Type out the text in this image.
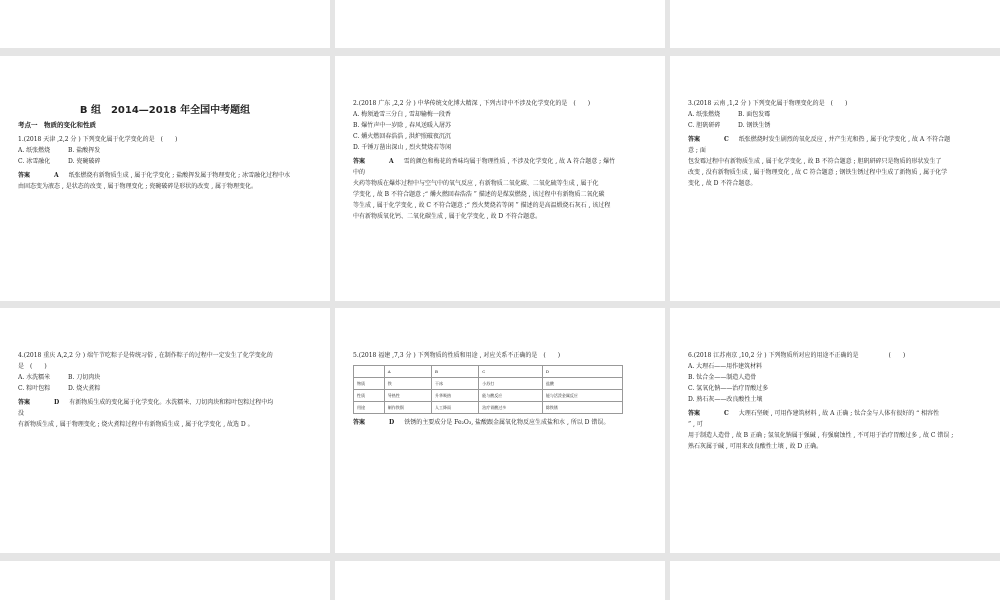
B 组　2014—2018 年全国中考题组
考点一　物质的变化和性质
1.(2018 天津 ,2,2 分 ) 下列变化属于化学变化的是　(　　)
A. 纸张燃烧	B. 盐酸挥发
C. 冰雪融化	D. 瓷碗破碎
答案	A 纸张燃烧有新物质生成 , 属于化学变化 ; 盐酸挥发属于物理变化 ; 冰雪融化过程中水
由固态变为液态 , 是状态的改变 , 属于物理变化 ; 瓷碗破碎是形状的改变 , 属于物理变化。
2.(2018 广东 ,2,2 分 ) 中华传统文化博大精深 , 下列古诗中不涉及化学变化的是　(　　)
A. 梅须逊雪三分白 , 雪却输梅一段香
B. 爆竹声中一岁除 , 春风送暖入屠苏
C. 爝火燃回春浩浩 , 洪炉照破夜沉沉
D. 千锤万凿出深山 , 烈火焚烧若等闲
答案	A 雪的颜色和梅花的香味均属于物理性质 , 不涉及化学变化 , 故 A 符合题意 ; 爆竹
中的
火药等物质在爆炸过程中与空气中的氧气反应 , 有新物质二氧化碳、二氧化硫等生成 , 属于化
学变化 , 故 B 不符合题意 ;“ 爝火燃回春浩浩 ” 描述的是煤炭燃烧 , 该过程中有新物质二氧化碳
等生成 , 属于化学变化 , 故 C 不符合题意 ;“ 烈火焚烧若等闲 ” 描述的是高温煅烧石灰石 , 该过程
中有新物质氧化钙、二氧化碳生成 , 属于化学变化 , 故 D 不符合题意。
3.(2018 云南 ,1,2 分 ) 下列变化属于物理变化的是　(　　)
A. 纸张燃烧	B. 面包发霉
C. 胆矾研碎	D. 钢铁生锈
答案	C 纸张燃烧时发生剧烈的氧化反应 , 并产生光和热 , 属于化学变化 , 故 A 不符合题
意 ; 面
包发霉过程中有新物质生成 , 属于化学变化 , 故 B 不符合题意 ; 胆矾研碎只是物质的形状发生了
改变 , 没有新物质生成 , 属于物理变化 , 故 C 符合题意 ; 钢铁生锈过程中生成了新物质 , 属于化学
变化 , 故 D 不符合题意。
4.(2018 重庆 A,2,2 分 ) 端午节吃粽子是传统习俗 , 在制作粽子的过程中一定发生了化学变化的
是　(　　)
A. 水洗糯米	B. 刀切肉块
C. 粽叶包粽	D. 烧火煮粽
答案	D 有新物质生成的变化属于化学变化。水洗糯米、刀切肉块和粽叶包粽过程中均
没
有新物质生成 , 属于物理变化 ; 烧火煮粽过程中有新物质生成 , 属于化学变化 , 故选 D 。
5.(2018 福建 ,7,3 分 ) 下列物质的性质和用途 , 对应关系不正确的是　(　　)
	A	B	C	D
物质	铁	干冰	小苏打	盐酸
性质	导热性	升华吸热	能与酸反应	能与活泼金属反应
用途	制作铁锅	人工降雨	治疗胃酸过多	除铁锈
答案	D 铁锈的主要成分是 Fe₂O₃, 盐酸跟金属氧化物反应生成盐和水 , 所以 D 错误。
6.(2018 江苏南京 ,10,2 分 ) 下列物质所对应的用途不正确的是　　　　　(　　)
A. 大理石——用作建筑材料
B. 钛合金——制造人造骨
C. 氢氧化钠——治疗胃酸过多
D. 熟石灰——改良酸性土壤
答案	C 大理石坚硬 , 可用作建筑材料 , 故 A 正确 ; 钛合金与人体有很好的 “ 相容性
” , 可
用于制造人造骨 , 故 B 正确 ; 氢氧化钠属于强碱 , 有强腐蚀性 , 不可用于治疗胃酸过多 , 故 C 错误 ;
熟石灰属于碱 , 可用来改良酸性土壤 , 故 D 正确。
